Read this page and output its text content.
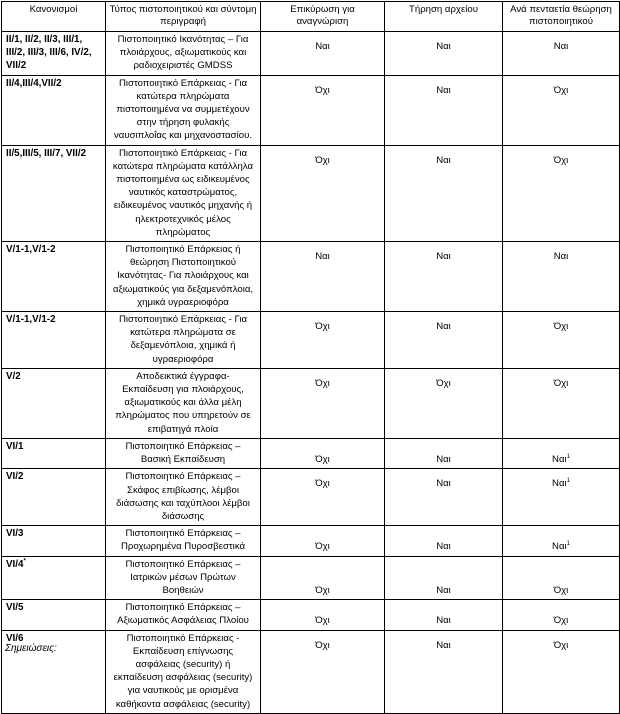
Κανονισμοί	Τύπος πιστοποιητικού και σύντομη περιγραφή	Επικύρωση για αναγνώριση	Τήρηση αρχείου	Ανά πενταετία θεώρηση πιστοποιητικού
ΙΙ/1, ΙΙ/2, ΙΙ/3, ΙΙΙ/1, ΙΙΙ/2, ΙΙΙ/3, ΙΙΙ/6, IV/2, VII/2	Πιστοποιητικό Ικανότητας – Για πλοιάρχους, αξιωματικούς και ραδιοχειριστές GMDSS	Ναι	Ναι	Ναι
ΙΙ/4,ΙΙΙ/4,VII/2	Πιστοποιητικό Επάρκειας - Για κατώτερα πληρώματα πιστοποιημένα να συμμετέχουν στην τήρηση φυλακής ναυσιπλοΐας και μηχανοστασίου.	Όχι	Ναι	Όχι
ΙΙ/5,ΙΙΙ/5, ΙΙΙ/7, VII/2	Πιστοποιητικό Επάρκειας - Για κατώτερα πληρώματα κατάλληλα πιστοποιημένα ως ειδικευμένος ναυτικός καταστρώματος, ειδικευμένος ναυτικός μηχανής ή ηλεκτροτεχνικός μέλος πληρώματος	Όχι	Ναι	Όχι
V/1-1,V/1-2	Πιστοποιητικό Επάρκειας ή θεώρηση Πιστοποιητικού Ικανότητας- Για πλοιάρχους και αξιωματικούς για δεξαμενόπλοια, χημικά υγραεριοφόρα	Ναι	Ναι	Ναι
V/1-1,V/1-2	Πιστοποιητικό Επάρκειας - Για κατώτερα πληρώματα σε δεξαμενόπλοια, χημικά ή υγραεριοφόρα	Όχι	Ναι	Όχι
V/2	Αποδεικτικά έγγραφα- Εκπαίδευση για πλοιάρχους, αξιωματικούς και άλλα μέλη πληρώματος που υπηρετούν σε επιβατηγά πλοία	Όχι	Όχι	Όχι
VI/1	Πιστοποιητικό Επάρκειας – Βασική Εκπαίδευση	Όχι	Ναι	Ναι$^1$
VI/2	Πιστοποιητικό Επάρκειας –Σκάφος επιβίωσης, λέμβοι διάσωσης και ταχύπλοοι λέμβοι διάσωσης	Όχι	Ναι	Ναι$^1$
VI/3	Πιστοποιητικό Επάρκειας – Προχωρημένα Πυροσβεστικά	Όχι	Ναι	Ναι$^1$
VI/4*	Πιστοποιητικό Επάρκειας – Ιατρικών μέσων Πρώτων Βοηθειών	Όχι	Ναι	Όχι
VI/5	Πιστοποιητικό Επάρκειας – Αξιωματικός Ασφάλειας Πλοίου	Όχι	Ναι	Όχι
VI/6	Πιστοποιητικό Επάρκειας - Εκπαίδευση επίγνωσης ασφάλειας (security) ή εκπαίδευση ασφάλειας (security) για ναυτικούς με ορισμένα καθήκοντα ασφάλειας (security)	Όχι	Ναι	Όχι
Σημειώσεις:
